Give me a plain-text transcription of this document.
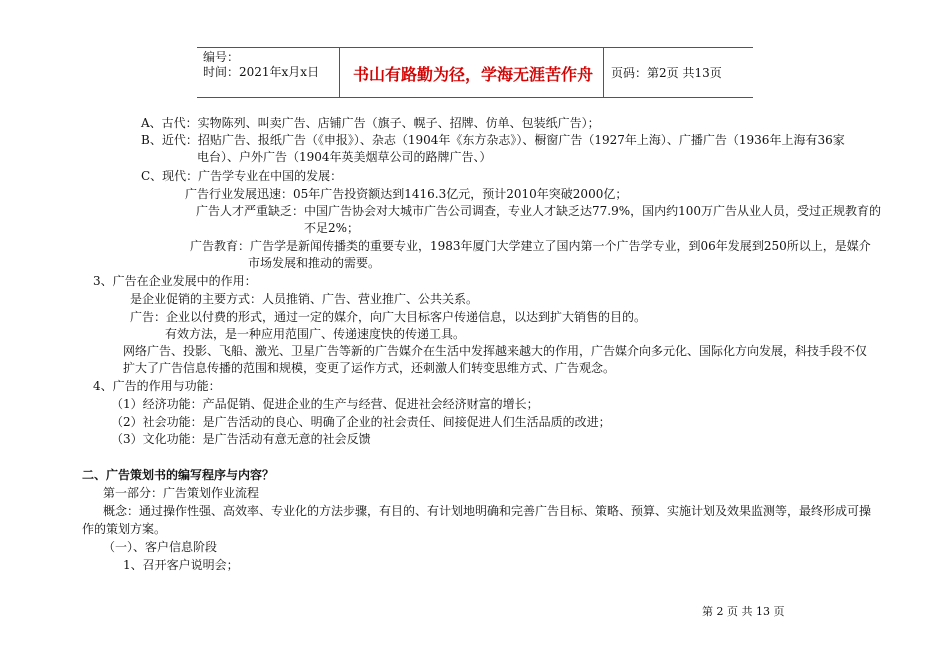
编号：
时间：2021年x月x日 书山有路勤为径，学海无涯苦作舟 页码：第2页 共13页
A、古代：实物陈列、叫卖广告、店铺广告（旗子、幌子、招牌、仿单、包装纸广告）；
B、近代：招贴广告、报纸广告（《申报》）、杂志（1904年《东方杂志》）、橱窗广告（1927年上海）、广播广告（1936年上海有36家
电台）、户外广告（1904年英美烟草公司的路牌广告、）
C、现代：广告学专业在中国的发展：
广告行业发展迅速：05年广告投资额达到1416.3亿元，预计2010年突破2000亿；
广告人才严重缺乏：中国广告协会对大城市广告公司调查，专业人才缺乏达77.9%，国内约100万广告从业人员，受过正规教育的
不足2%；
广告教育：广告学是新闻传播类的重要专业，1983年厦门大学建立了国内第一个广告学专业，到06年发展到250所以上，是媒介
市场发展和推动的需要。
3、广告在企业发展中的作用：
是企业促销的主要方式：人员推销、广告、营业推广、公共关系。
广告：企业以付费的形式，通过一定的媒介，向广大目标客户传递信息，以达到扩大销售的目的。
有效方法，是一种应用范围广、传递速度快的传递工具。
网络广告、投影、飞船、激光、卫星广告等新的广告媒介在生活中发挥越来越大的作用，广告媒介向多元化、国际化方向发展，科技手段不仅
扩大了广告信息传播的范围和规模，变更了运作方式，还刺激人们转变思维方式、广告观念。
4、广告的作用与功能：
（1）经济功能：产品促销、促进企业的生产与经营、促进社会经济财富的增长；
（2）社会功能：是广告活动的良心、明确了企业的社会责任、间接促进人们生活品质的改进；
（3）文化功能：是广告活动有意无意的社会反馈
二、广告策划书的编写程序与内容？
第一部分：广告策划作业流程
概念：通过操作性强、高效率、专业化的方法步骤，有目的、有计划地明确和完善广告目标、策略、预算、实施计划及效果监测等，最终形成可操
作的策划方案。
（一）、客户信息阶段
1、召开客户说明会；
第 2 页 共 13 页
